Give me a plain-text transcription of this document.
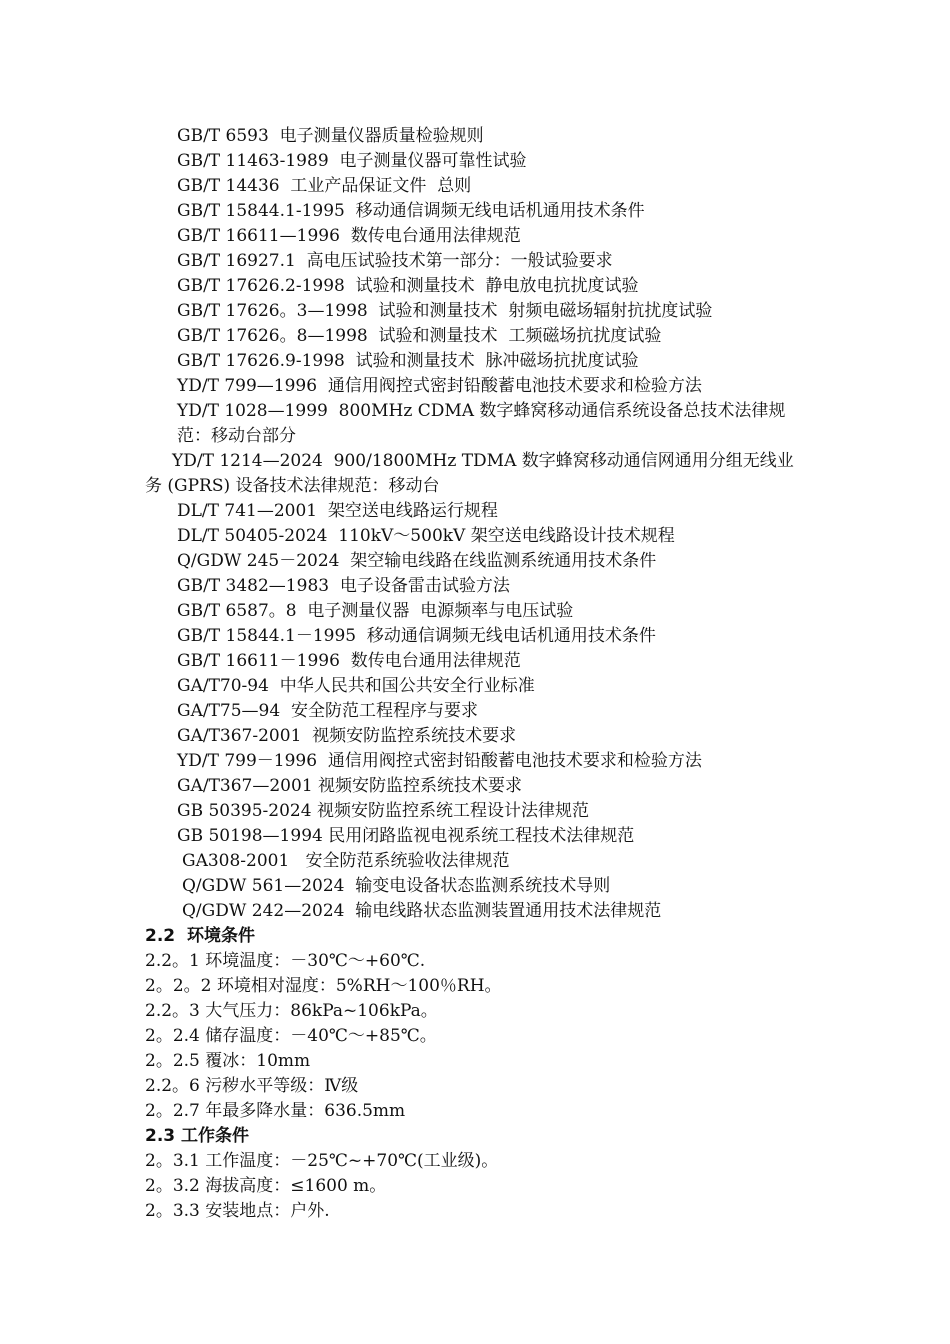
GB/T 6593  电子测量仪器质量检验规则
GB/T 11463-1989  电子测量仪器可靠性试验
GB/T 14436  工业产品保证文件  总则
GB/T 15844.1-1995  移动通信调频无线电话机通用技术条件
GB/T 16611—1996  数传电台通用法律规范
GB/T 16927.1  高电压试验技术第一部分：一般试验要求
GB/T 17626.2-1998  试验和测量技术  静电放电抗扰度试验
GB/T 17626。3—1998  试验和测量技术  射频电磁场辐射抗扰度试验
GB/T 17626。8—1998  试验和测量技术  工频磁场抗扰度试验
GB/T 17626.9-1998  试验和测量技术  脉冲磁场抗扰度试验
YD/T 799—1996  通信用阀控式密封铅酸蓄电池技术要求和检验方法
YD/T 1028—1999  800MHz CDMA 数字蜂窝移动通信系统设备总技术法律规
范：移动台部分
YD/T 1214—2024  900/1800MHz TDMA 数字蜂窝移动通信网通用分组无线业
务 (GPRS) 设备技术法律规范：移动台
DL/T 741—2001  架空送电线路运行规程
DL/T 50405-2024  110kV～500kV 架空送电线路设计技术规程
Q/GDW 245－2024  架空输电线路在线监测系统通用技术条件
GB/T 3482—1983  电子设备雷击试验方法
GB/T 6587。8  电子测量仪器  电源频率与电压试验
GB/T 15844.1－1995  移动通信调频无线电话机通用技术条件
GB/T 16611－1996  数传电台通用法律规范
GA/T70-94  中华人民共和国公共安全行业标准
GA/T75—94  安全防范工程程序与要求
GA/T367-2001  视频安防监控系统技术要求
YD/T 799－1996  通信用阀控式密封铅酸蓄电池技术要求和检验方法
GA/T367—2001 视频安防监控系统技术要求
GB 50395-2024 视频安防监控系统工程设计法律规范
GB 50198—1994 民用闭路监视电视系统工程技术法律规范
GA308-2001   安全防范系统验收法律规范
Q/GDW 561—2024  输变电设备状态监测系统技术导则
Q/GDW 242—2024  输电线路状态监测装置通用技术法律规范
2.2  环境条件
2.2。1 环境温度：－30℃～+60℃.
2。2。2 环境相对湿度：5%RH～100％RH。
2.2。3 大气压力：86kPa~106kPa。
2。2.4 储存温度：－40℃～+85℃。
2。2.5 覆冰：10mm
2.2。6 污秽水平等级：Ⅳ级
2。2.7 年最多降水量：636.5mm
2.3 工作条件
2。3.1 工作温度：－25℃~+70℃(工业级)。
2。3.2 海拔高度：≤1600 m。
2。3.3 安装地点：户外.
